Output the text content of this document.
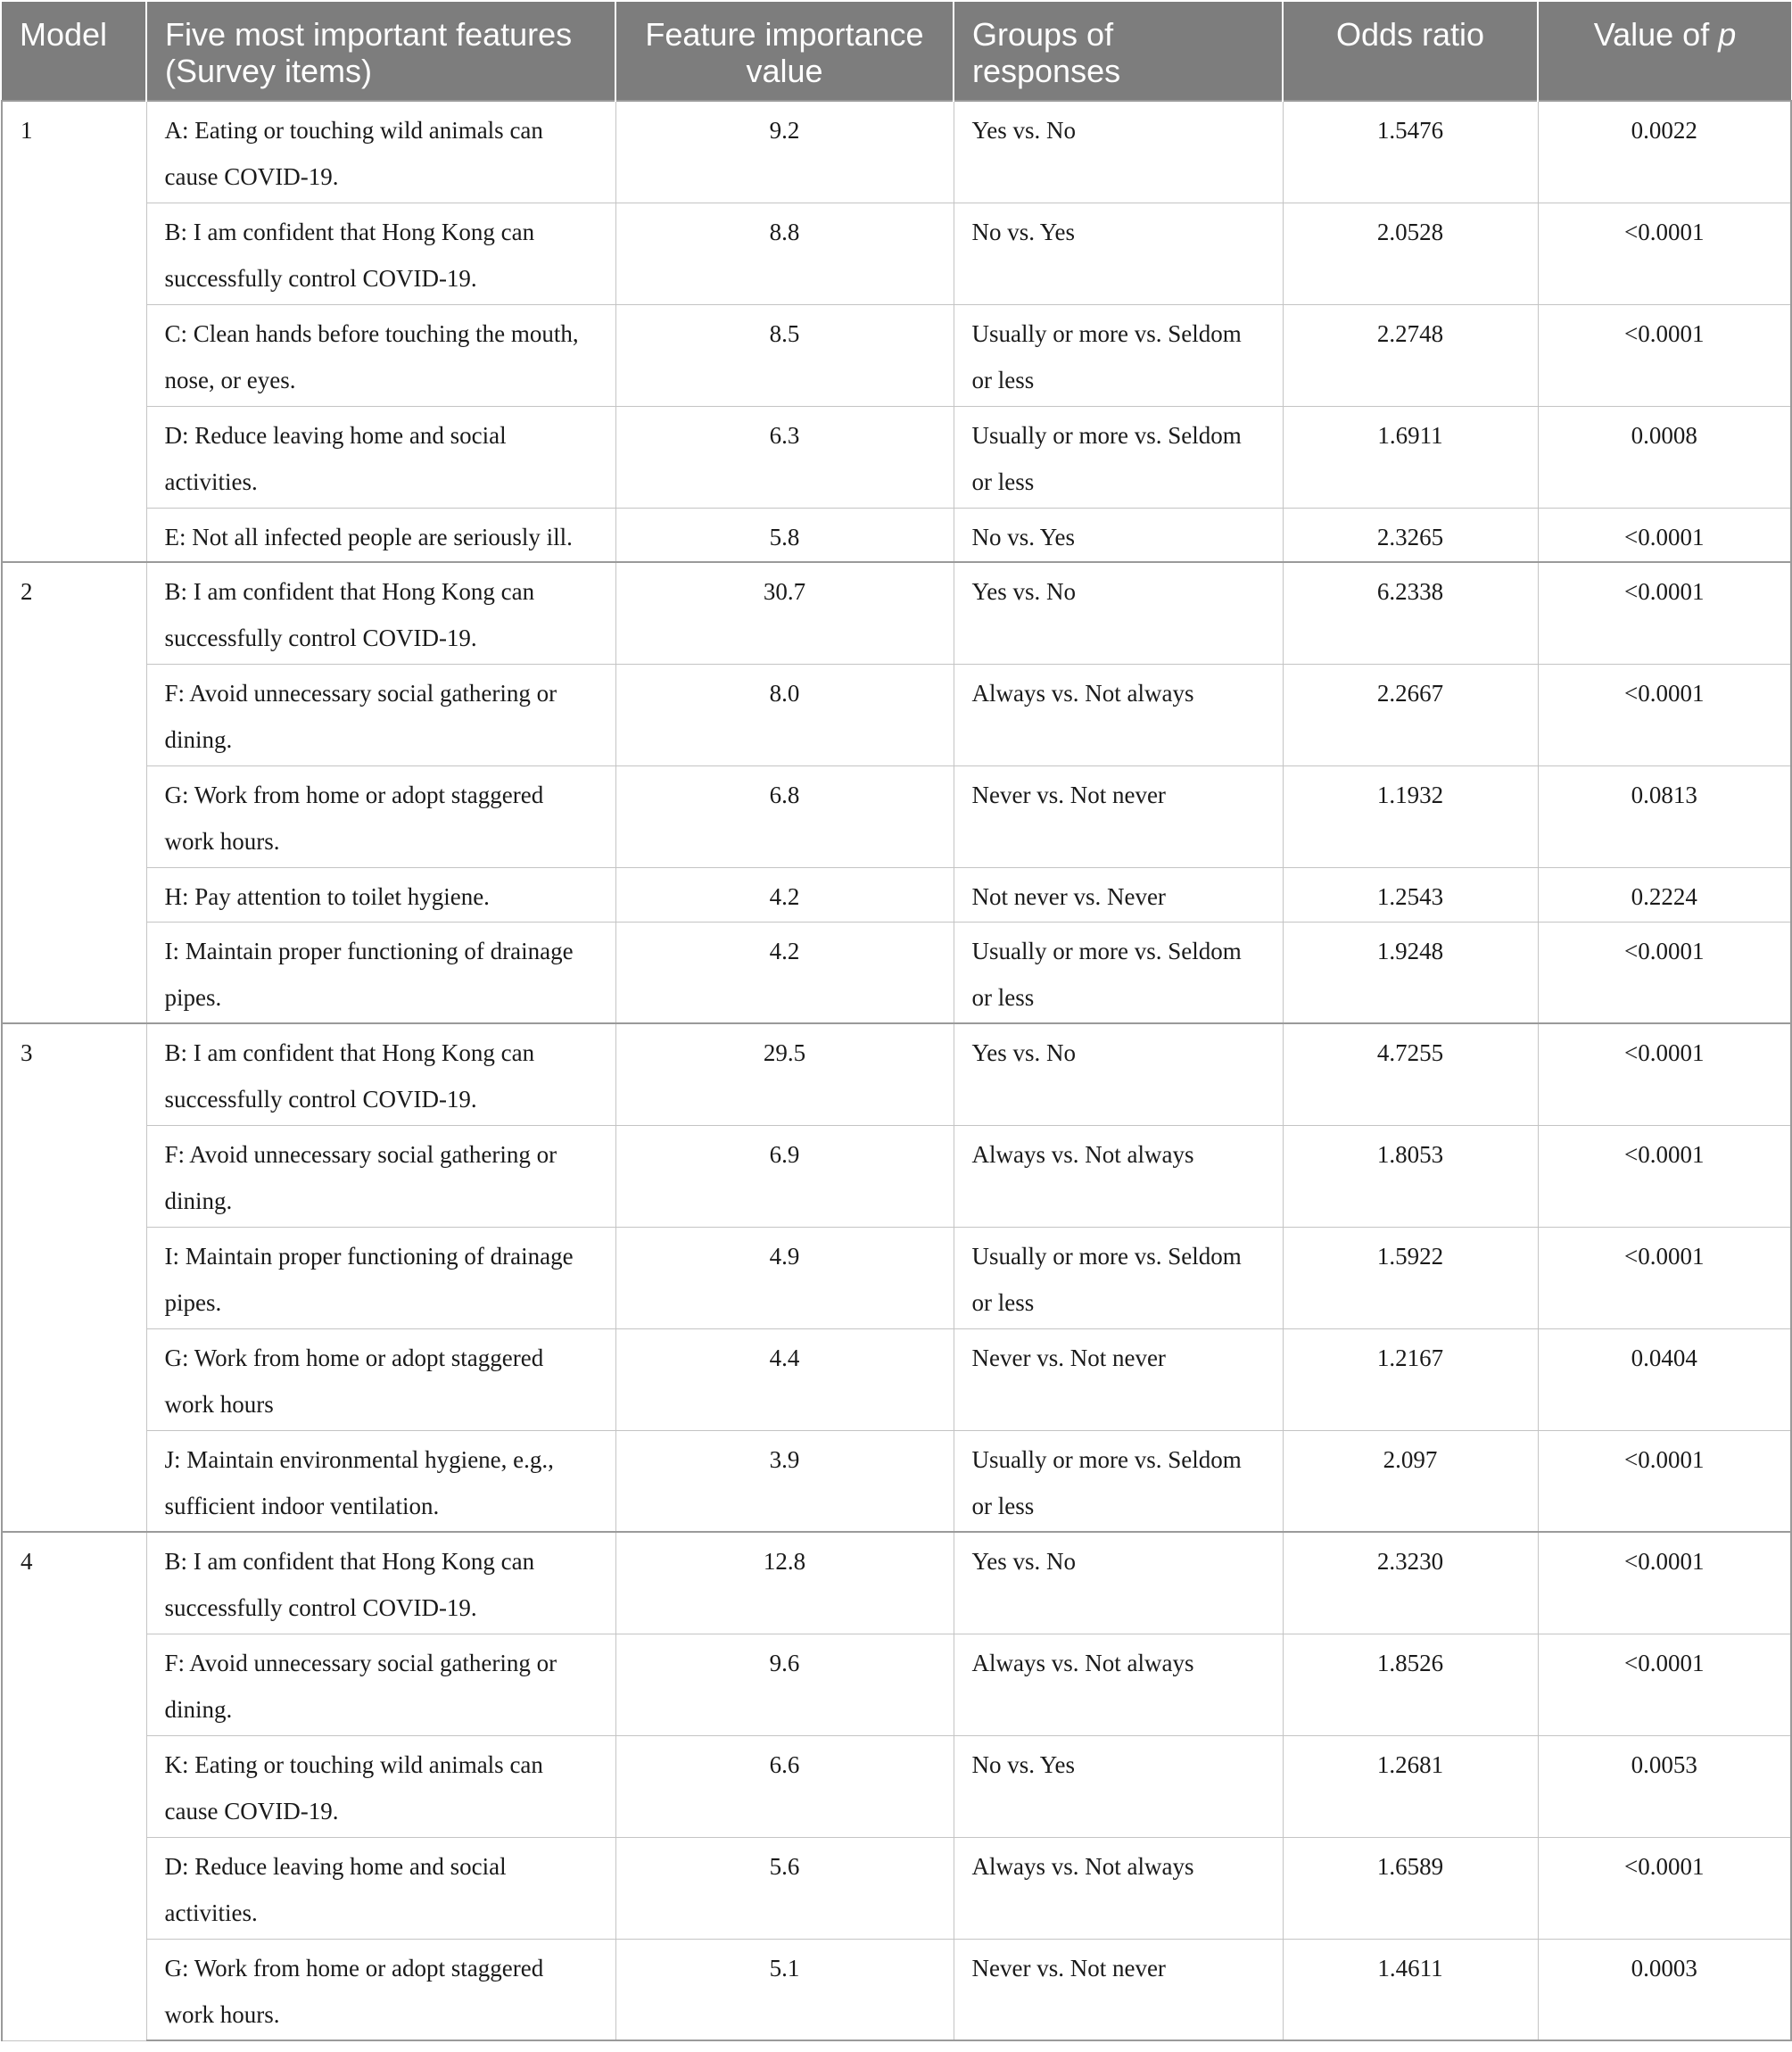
Model	Five most important features (Survey items)	Feature importance value	Groups of responses	Odds ratio	Value of p
1	A: Eating or touching wild animals can cause COVID-19.	9.2	Yes vs. No	1.5476	0.0022
	B: I am confident that Hong Kong can successfully control COVID-19.	8.8	No vs. Yes	2.0528	<0.0001
	C: Clean hands before touching the mouth, nose, or eyes.	8.5	Usually or more vs. Seldom or less	2.2748	<0.0001
	D: Reduce leaving home and social activities.	6.3	Usually or more vs. Seldom or less	1.6911	0.0008
	E: Not all infected people are seriously ill.	5.8	No vs. Yes	2.3265	<0.0001
2	B: I am confident that Hong Kong can successfully control COVID-19.	30.7	Yes vs. No	6.2338	<0.0001
	F: Avoid unnecessary social gathering or dining.	8.0	Always vs. Not always	2.2667	<0.0001
	G: Work from home or adopt staggered work hours.	6.8	Never vs. Not never	1.1932	0.0813
	H: Pay attention to toilet hygiene.	4.2	Not never vs. Never	1.2543	0.2224
	I: Maintain proper functioning of drainage pipes.	4.2	Usually or more vs. Seldom or less	1.9248	<0.0001
3	B: I am confident that Hong Kong can successfully control COVID-19.	29.5	Yes vs. No	4.7255	<0.0001
	F: Avoid unnecessary social gathering or dining.	6.9	Always vs. Not always	1.8053	<0.0001
	I: Maintain proper functioning of drainage pipes.	4.9	Usually or more vs. Seldom or less	1.5922	<0.0001
	G: Work from home or adopt staggered work hours	4.4	Never vs. Not never	1.2167	0.0404
	J: Maintain environmental hygiene, e.g., sufficient indoor ventilation.	3.9	Usually or more vs. Seldom or less	2.097	<0.0001
4	B: I am confident that Hong Kong can successfully control COVID-19.	12.8	Yes vs. No	2.3230	<0.0001
	F: Avoid unnecessary social gathering or dining.	9.6	Always vs. Not always	1.8526	<0.0001
	K: Eating or touching wild animals can cause COVID-19.	6.6	No vs. Yes	1.2681	0.0053
	D: Reduce leaving home and social activities.	5.6	Always vs. Not always	1.6589	<0.0001
	G: Work from home or adopt staggered work hours.	5.1	Never vs. Not never	1.4611	0.0003
